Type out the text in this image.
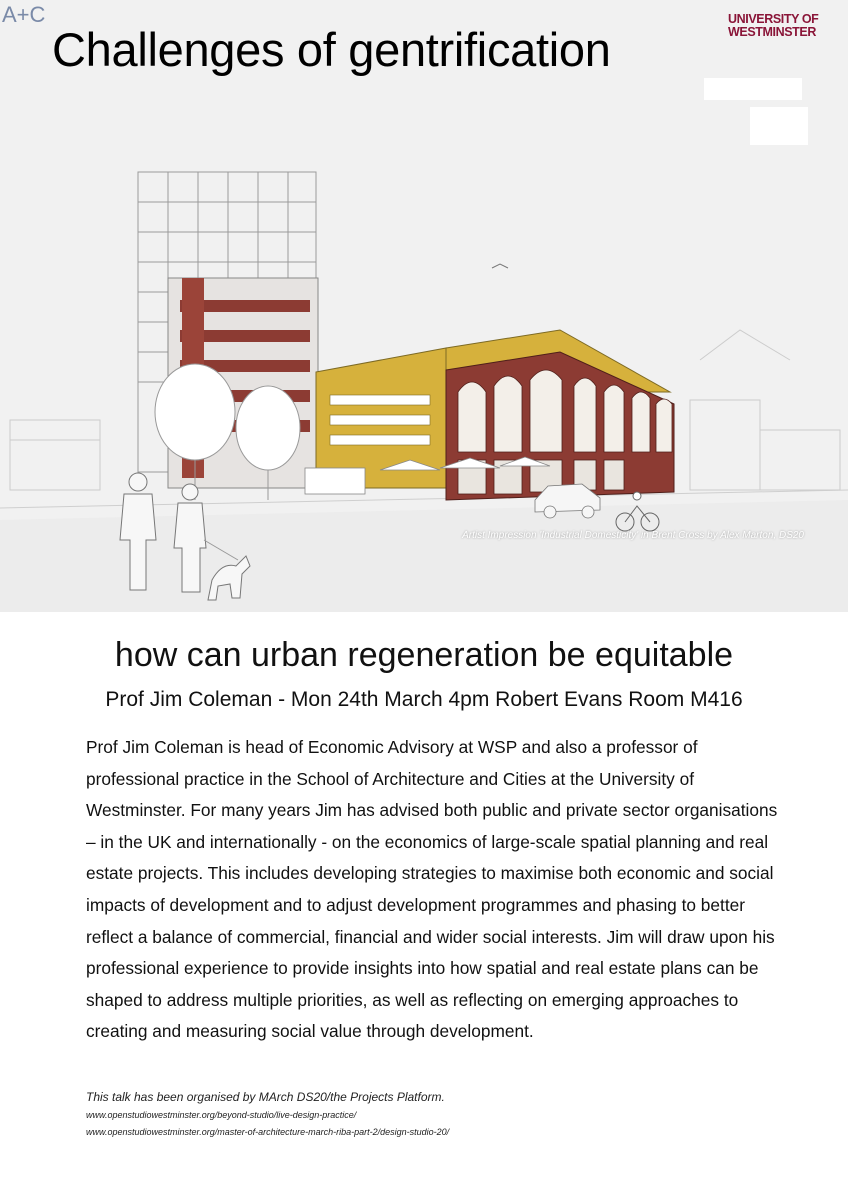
Challenges of gentrification
UNIVERSITY OF
WESTMINSTER
A+C
Artist Impression 'Industrial Domesticity' in Brent Cross by Alex Marton, DS20
how can urban regeneration be equitable
Prof Jim Coleman - Mon 24th March 4pm Robert Evans Room M416

Prof Jim Coleman is head of Economic Advisory at WSP and also a professor of professional practice in the School of Architecture and Cities at the University of Westminster. For many years Jim has advised both public and private sector organisations – in the UK and internationally - on the economics of large-scale spatial planning and real estate projects. This includes developing strategies to maximise both economic and social impacts of development and to adjust development programmes and phasing to better reflect a balance of commercial, financial and wider social interests. Jim will draw upon his professional experience to provide insights into how spatial and real estate plans can be shaped to address multiple priorities, as well as reflecting on emerging approaches to creating and measuring social value through development.

This talk has been organised by MArch DS20/the Projects Platform.
www.openstudiowestminster.org/beyond-studio/live-design-practice/
www.openstudiowestminster.org/master-of-architecture-march-riba-part-2/design-studio-20/
